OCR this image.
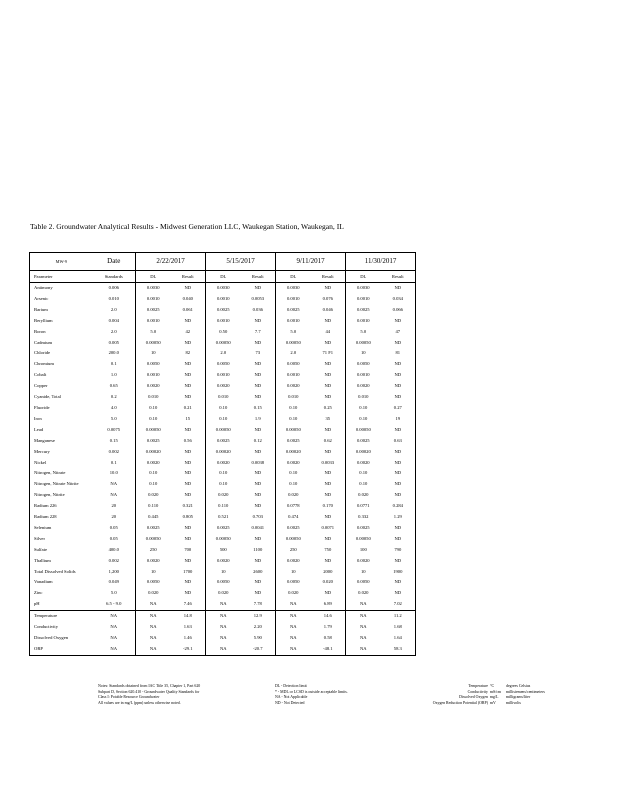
Table 2. Groundwater Analytical Results - Midwest Generation LLC, Waukegan Station, Waukegan, IL
MW-9	Date	2/22/2017		5/15/2017		9/11/2017		11/30/2017	
Parameter	Standards	DL	Result	DL	Result	DL	Result	DL	Result
Antimony	0.006	0.0030	ND	0.0030	ND	0.0030	ND	0.0030	ND
Arsenic	0.010	0.0010	0.040	0.0010	0.0053	0.0010	0.076	0.0010	0.034
Barium	2.0	0.0025	0.061	0.0025	0.036	0.0025	0.046	0.0025	0.066
Beryllium	0.004	0.0010	ND	0.0010	ND	0.0010	ND	0.0010	ND
Boron	2.0	5.0	42	0.50	7.7	5.0	44	5.0	47
Cadmium	0.005	0.00050	ND	0.00050	ND	0.00050	ND	0.00050	ND
Chloride	200.0	10	82	2.0	73	2.0	71 F1	10	81
Chromium	0.1	0.0050	ND	0.0050	ND	0.0050	ND	0.0050	ND
Cobalt	1.0	0.0010	ND	0.0010	ND	0.0010	ND	0.0010	ND
Copper	0.65	0.0020	ND	0.0020	ND	0.0020	ND	0.0020	ND
Cyanide, Total	0.2	0.010	ND	0.010	ND	0.010	ND	0.010	ND
Fluoride	4.0	0.10	0.21	0.10	0.15	0.10	0.25	0.10	0.27
Iron	5.0	0.10	15	0.10	1.9	0.10	35	0.10	19
Lead	0.0075	0.00050	ND	0.00050	ND	0.00050	ND	0.00050	ND
Manganese	0.15	0.0025	0.56	0.0025	0.12	0.0025	0.62	0.0025	0.63
Mercury	0.002	0.00020	ND	0.00020	ND	0.00020	ND	0.00020	ND
Nickel	0.1	0.0020	ND	0.0020	0.0038	0.0020	0.0033	0.0020	ND
Nitrogen, Nitrate	10.0	0.10	ND	0.10	ND	0.10	ND	0.10	ND
Nitrogen, Nitrate Nitrite	NA	0.10	ND	0.10	ND	0.10	ND	0.10	ND
Nitrogen, Nitrite	NA	0.020	ND	0.020	ND	0.020	ND	0.020	ND
Radium 226	20	0.110	0.321	0.110	ND	0.0778	0.170	0.0771	0.284
Radium 228	20	0.445	0.805	0.521	0.703	0.474	ND	0.332	1.29
Selenium	0.05	0.0025	ND	0.0025	0.0041	0.0025	0.0071	0.0025	ND
Silver	0.05	0.00050	ND	0.00050	ND	0.00050	ND	0.00050	ND
Sulfate	400.0	250	700	500	1100	250	750	100	790
Thallium	0.002	0.0020	ND	0.0020	ND	0.0020	ND	0.0020	ND
Total Dissolved Solids	1,200	10	1700	10	2600	10	2000	10	1900
Vanadium	0.049	0.0050	ND	0.0050	ND	0.0050	0.020	0.0050	ND
Zinc	5.0	0.020	ND	0.020	ND	0.020	ND	0.020	ND
pH	6.5 - 9.0	NA	7.46	NA	7.78	NA	6.89	NA	7.02
Temperature	NA	NA	14.8	NA	12.9	NA	14.6	NA	11.2
Conductivity	NA	NA	1.63	NA	2.20	NA	1.79	NA	1.68
Dissolved Oxygen	NA	NA	1.46	NA	5.90	NA	0.58	NA	1.64
ORP	NA	NA	-29.1	NA	-20.7	NA	-48.1	NA	58.3
Notes: Standards obtained from IAC Title 35, Chapter 1, Part 620
Subpart D, Section 620.410 - Groundwater Quality Standards for
Class I: Potable Resource Groundwater
All values are in mg/L (ppm) unless otherwise noted.
DL - Detection limit
* - MDL or LCSD is outside acceptable limits.
NA - Not Applicable
ND - Not Detected
Temperature
Conductivity
Dissolved Oxygen
Oxygen Reduction Potential (ORP)
°C
mS/cm
mg/L
mV
degrees Celsius
millisiemens/centimeters
milligrams/liter
millivolts
